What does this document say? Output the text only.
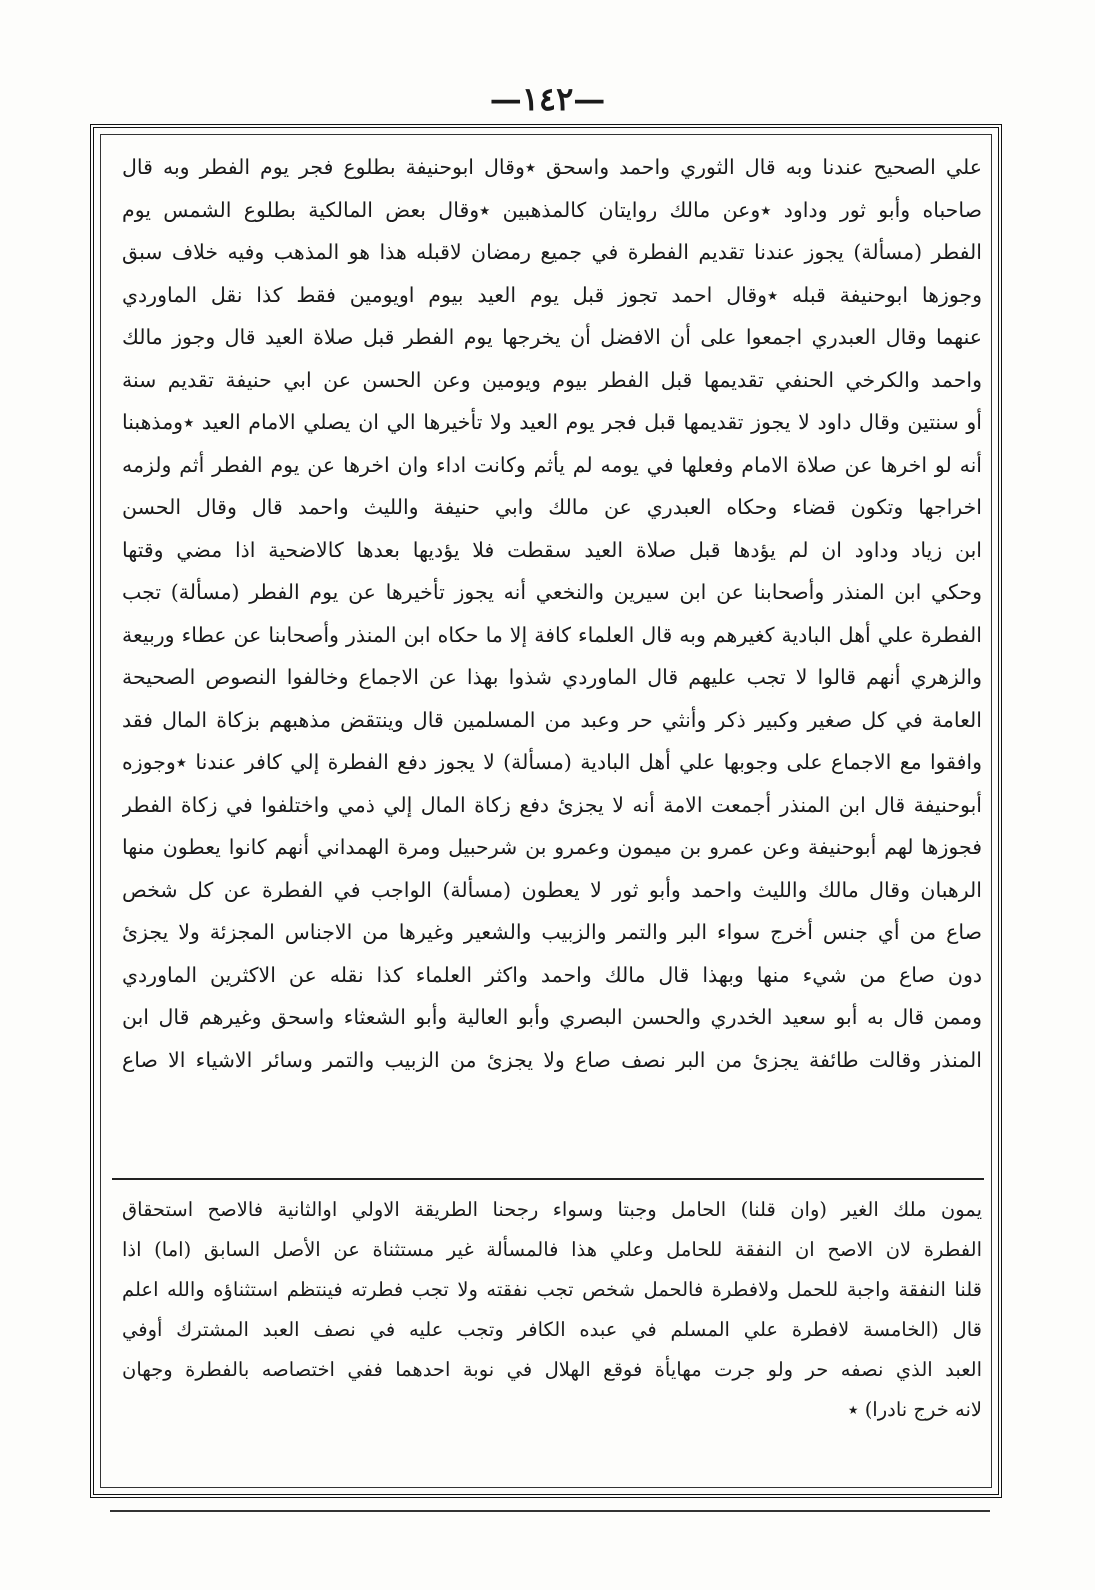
—١٤٢—
علي الصحيح عندنا وبه قال الثوري واحمد واسحق ٭وقال ابوحنيفة بطلوع فجر يوم الفطر وبه قال
صاحباه وأبو ثور وداود ٭وعن مالك روايتان كالمذهبين ٭وقال بعض المالكية بطلوع الشمس يوم
الفطر (مسألة) يجوز عندنا تقديم الفطرة في جميع رمضان لاقبله هذا هو المذهب وفيه خلاف سبق
وجوزها ابوحنيفة قبله ٭وقال احمد تجوز قبل يوم العيد بيوم اويومين فقط كذا نقل الماوردي
عنهما وقال العبدري اجمعوا على أن الافضل أن يخرجها يوم الفطر قبل صلاة العيد قال وجوز مالك
واحمد والكرخي الحنفي تقديمها قبل الفطر بيوم ويومين وعن الحسن عن ابي حنيفة تقديم سنة
أو سنتين وقال داود لا يجوز تقديمها قبل فجر يوم العيد ولا تأخيرها الي ان يصلي الامام العيد ٭ومذهبنا
أنه لو اخرها عن صلاة الامام وفعلها في يومه لم يأثم وكانت اداء وان اخرها عن يوم الفطر أثم ولزمه
اخراجها وتكون قضاء وحكاه العبدري عن مالك وابي حنيفة والليث واحمد قال وقال الحسن
ابن زياد وداود ان لم يؤدها قبل صلاة العيد سقطت فلا يؤديها بعدها كالاضحية اذا مضي وقتها
وحكي ابن المنذر وأصحابنا عن ابن سيرين والنخعي أنه يجوز تأخيرها عن يوم الفطر (مسألة) تجب
الفطرة علي أهل البادية كغيرهم وبه قال العلماء كافة إلا ما حكاه ابن المنذر وأصحابنا عن عطاء وربيعة
والزهري أنهم قالوا لا تجب عليهم قال الماوردي شذوا بهذا عن الاجماع وخالفوا النصوص الصحيحة
العامة في كل صغير وكبير ذكر وأنثي حر وعبد من المسلمين قال وينتقض مذهبهم بزكاة المال فقد
وافقوا مع الاجماع على وجوبها علي أهل البادية (مسألة) لا يجوز دفع الفطرة إلي كافر عندنا ٭وجوزه
أبوحنيفة قال ابن المنذر أجمعت الامة أنه لا يجزئ دفع زكاة المال إلي ذمي واختلفوا في زكاة الفطر
فجوزها لهم أبوحنيفة وعن عمرو بن ميمون وعمرو بن شرحبيل ومرة الهمداني أنهم كانوا يعطون منها
الرهبان وقال مالك والليث واحمد وأبو ثور لا يعطون (مسألة) الواجب في الفطرة عن كل شخص
صاع من أي جنس أخرج سواء البر والتمر والزبيب والشعير وغيرها من الاجناس المجزئة ولا يجزئ
دون صاع من شيء منها وبهذا قال مالك واحمد واكثر العلماء كذا نقله عن الاكثرين الماوردي
وممن قال به أبو سعيد الخدري والحسن البصري وأبو العالية وأبو الشعثاء واسحق وغيرهم قال ابن
المنذر وقالت طائفة يجزئ من البر نصف صاع ولا يجزئ من الزبيب والتمر وسائر الاشياء الا صاع
يمون ملك الغير (وان قلنا) الحامل وجبتا وسواء رجحنا الطريقة الاولي اوالثانية فالاصح استحقاق
الفطرة لان الاصح ان النفقة للحامل وعلي هذا فالمسألة غير مستثناة عن الأصل السابق (اما) اذا
قلنا النفقة واجبة للحمل ولافطرة فالحمل شخص تجب نفقته ولا تجب فطرته فينتظم استثناؤه والله اعلم
قال (الخامسة لافطرة علي المسلم في عبده الكافر وتجب عليه في نصف العبد المشترك أوفي
العبد الذي نصفه حر ولو جرت مهايأة فوقع الهلال في نوبة احدهما ففي اختصاصه بالفطرة وجهان
لانه خرج نادرا) ٭
